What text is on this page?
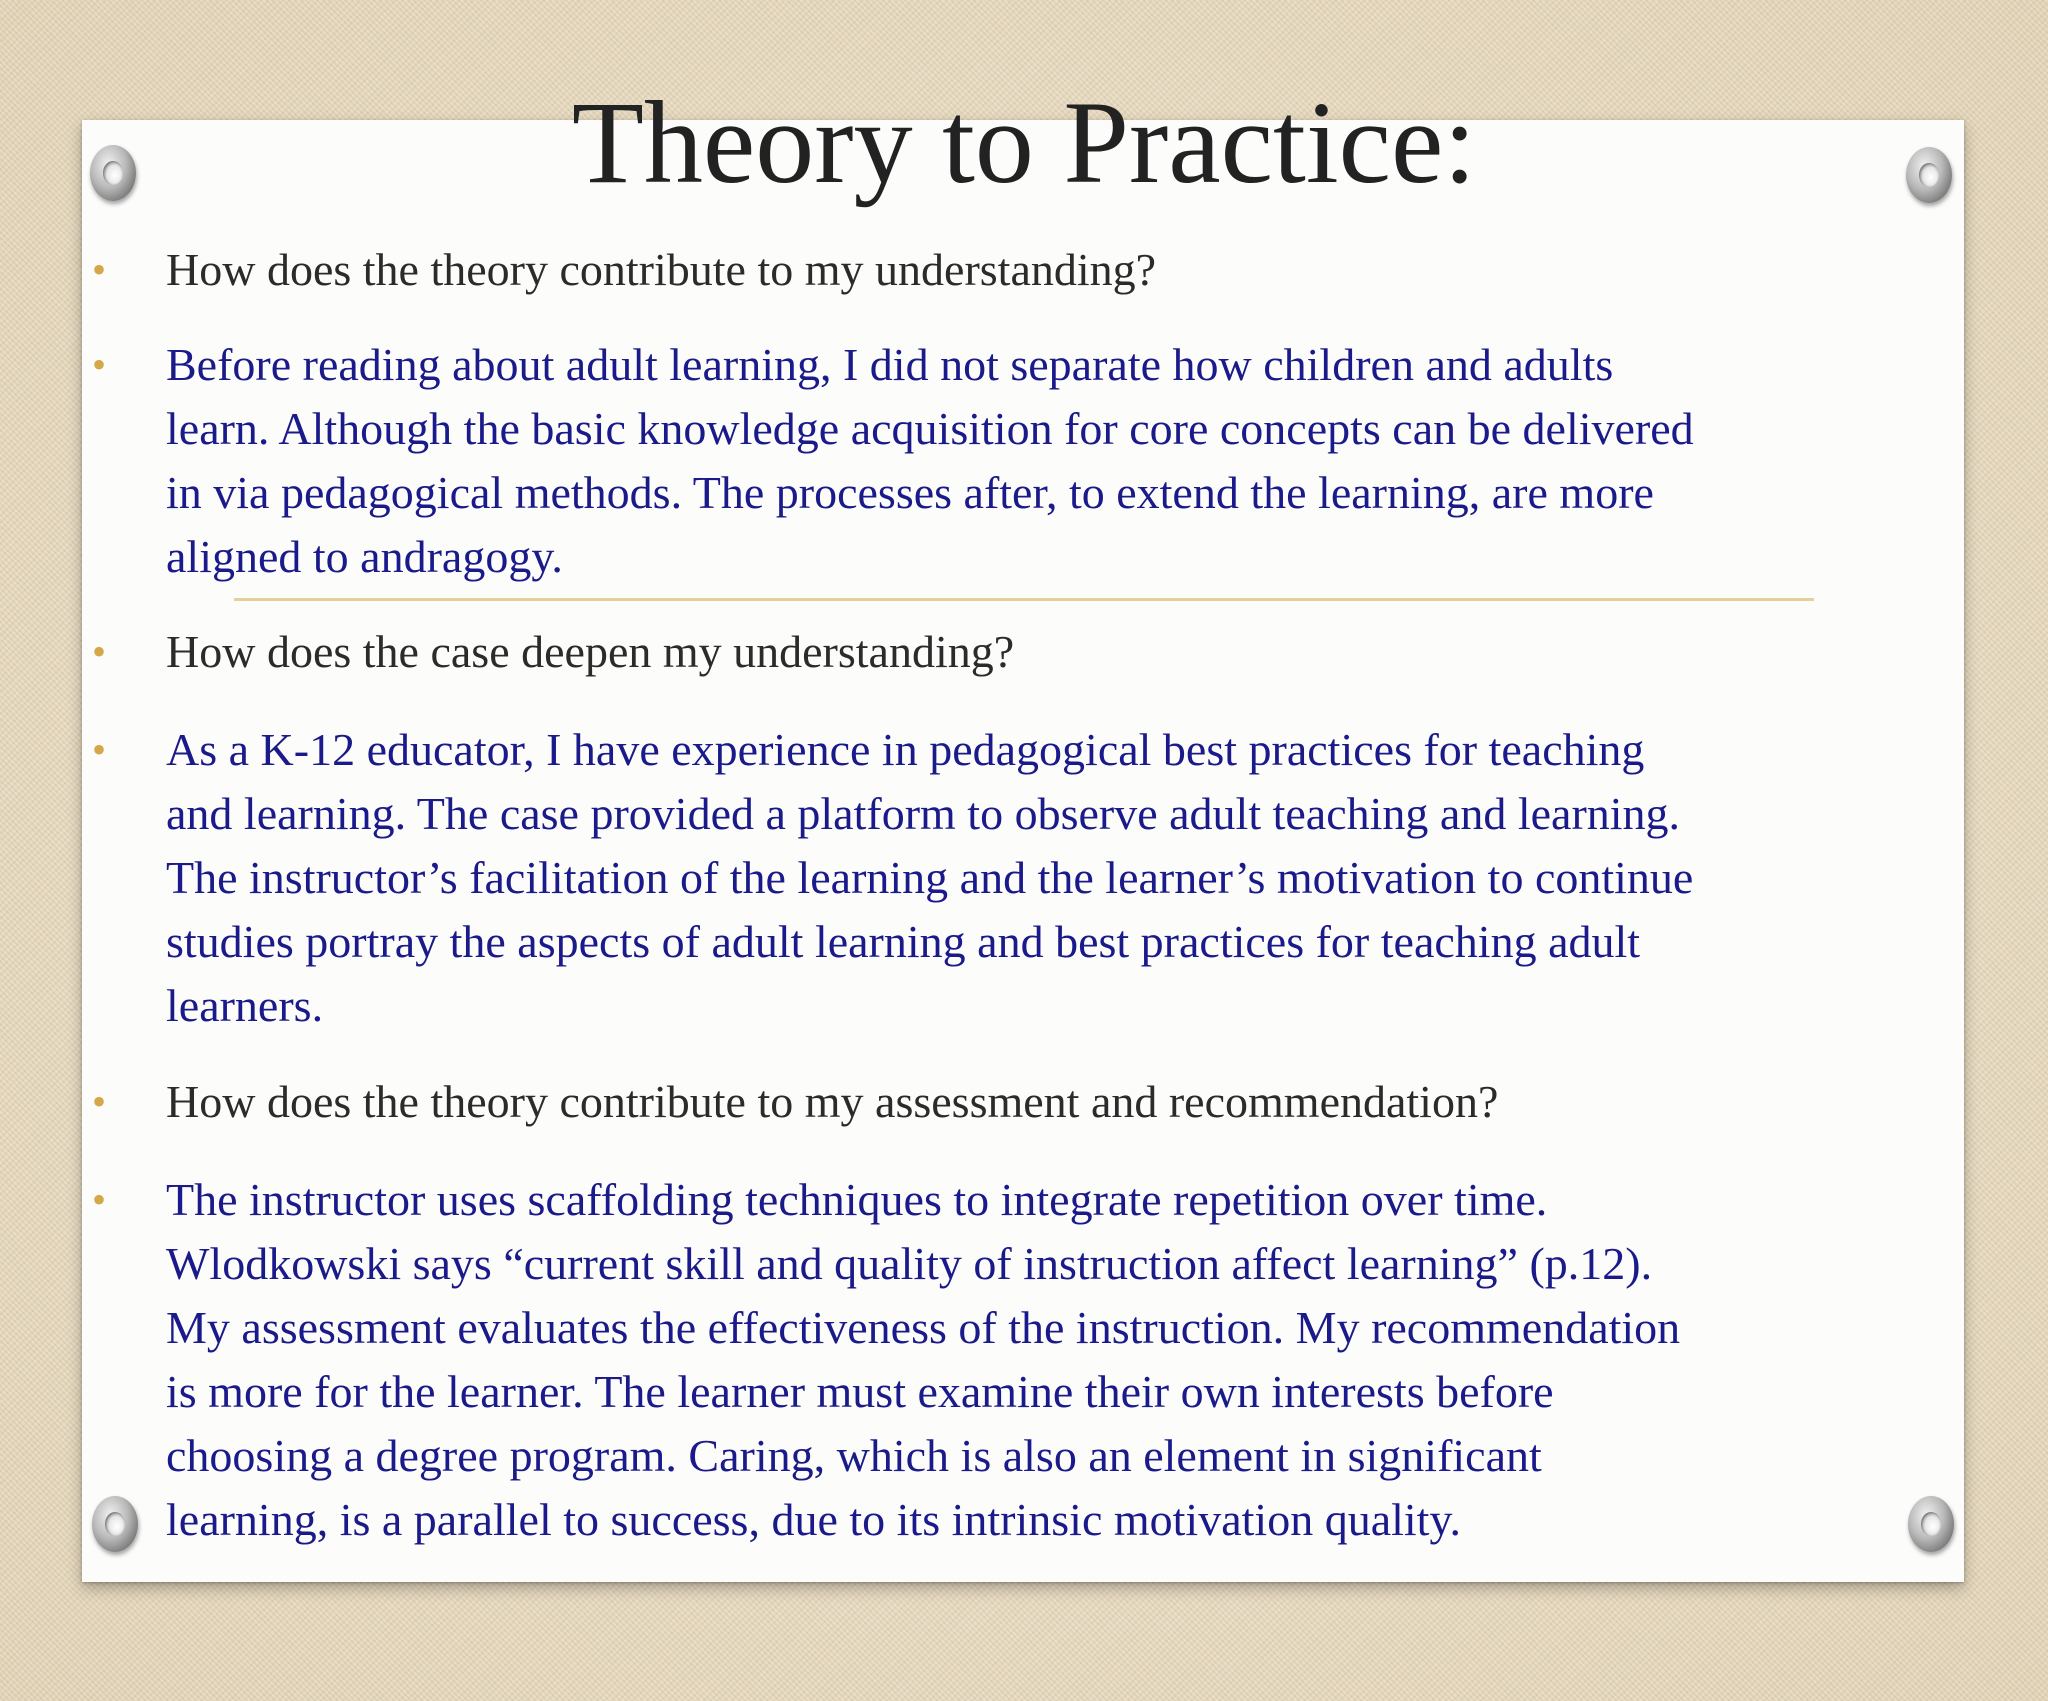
Theory to Practice:
• How does the theory contribute to my understanding?
• Before reading about adult learning, I did not separate how children and adults
learn. Although the basic knowledge acquisition for core concepts can be delivered
in via pedagogical methods. The processes after, to extend the learning, are more
aligned to andragogy.
• How does the case deepen my understanding?
• As a K-12 educator, I have experience in pedagogical best practices for teaching
and learning. The case provided a platform to observe adult teaching and learning.
The instructor’s facilitation of the learning and the learner’s motivation to continue
studies portray the aspects of adult learning and best practices for teaching adult
learners.
• How does the theory contribute to my assessment and recommendation?
• The instructor uses scaffolding techniques to integrate repetition over time.
Wlodkowski says “current skill and quality of instruction affect learning” (p.12).
My assessment evaluates the effectiveness of the instruction. My recommendation
is more for the learner. The learner must examine their own interests before
choosing a degree program. Caring, which is also an element in significant
learning, is a parallel to success, due to its intrinsic motivation quality.
